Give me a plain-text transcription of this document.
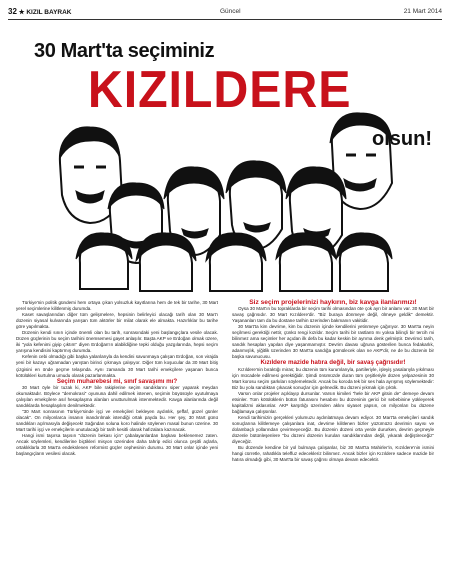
32 ★ KIZIL BAYRAK	Güncel	21 Mart 2014
30 Mart'ta seçiminiz
KIZILDERE
olsun!

Türkiye'nin politik gündemi hem ortaya çıkan yolsuzluk kayıtlarına hem de tek bir tarihe, 30 Mart yerel seçimlerine kilitlenmiş durumda.

Kaset savaşlarından diğer tüm gelişmelere, hepsinin belirleyici olacağı tarih olan 30 Mart'ı düzenin siyasal kulvarında yarışan tüm aktörler bir milat olarak ele almakta. Hazırlıklar bu tarihe göre yapılmakta.

Düzenin kendi sınırı içinde önemli olan bu tarih, sonrasındaki yeni başlangıçlara vesile olacak. Düzen güçlerinin bu seçim tarihini önemsemesi gayet anlaşılır. Başta AKP ve Erdoğan olmak üzere, iki "yola kefenimi giyip çıktım" diyen Erdoğan'ın alabildiğine tepki olduğu yazgılarında, hepsi seçim yarışına kendisini kaptırmış durumda.

Kefenin cebi olmadığı gibi başka yalanlarıyla da kendini savunmaya çalışan Erdoğan, son virajda yeni bir kazayı uğramadan yarıştan birinci çıkmaya çalışıyor. Diğer tüm koşucular da 30 Mart bitiş çizgisini en önde geçme telaşında. Aynı zamanda 30 Mart tarihi emekçilere yaşanan bunca kötülükleri kurtulma umudu olarak pazarlanmakta.

Seçim muharebesi mi, sınıf savaşımı mı?

30 Mart öyle bir tuzak ki, AKP bile rakiplerine seçim sandıklarını siper yaparak meydan okumaktadır. Böylece "demokrasi" oyununa dahil edilmek istenen, seçimin büyüsüyle uyutulmaya çalışılan emekçilere asıl hesaplaşma alanları unutturulmak istenmektedir. Kavga alanlarında değil sandıklarda hesaplaşılım denilmektedir.

"30 Mart sonrasının Türkiye'sinde işçi ve emekçileri bekleyen aydınlık, şeffaf, güzel günler olacak". On milyonlarca insanın inandırılmak istendiği ortak payda bu. Her şey, 30 Mart günü sandıkları açılmasıyla değişecek! Sağından soluna koro halinde söylenen masal bunun üzerine. 30 Mart tarihi işçi ve emekçilerin unutulacağı bir tarih kesitli olarak hafızalara kazınacak.

Hangi ismi taşırsa taşısın "düzenin bekası için" çabalayanlardan başkası beklenemez zaten. Ancak söylemleri, kendilerine biçtikleri misyon üzerinden daha tahrip edici olunca çeşitli açlarla, ortaklıklarla 30 Mart'a endekslenen reformist güçler cephesinin durumu. 30 Mart onlar içinde yeni başlangıçların vesilesi olacak.

Siz seçim projelerinizi haykırın, biz kavga ilanlarımızı!

Oysa 30 Mart'ın bu topraklarda bir seçim tarihi olmasından öte çok ayrı bir anlamı var. 30 Mart bir savaş çağrısıdır. 30 Mart Kızıldere'dir. "Biz buraya dönmeye değil, ölmeye geldik" demektir. Yaşananları tam da bu dostane tarihin üzerinden bakmanın vakitidir.

30 Mart'ta kim devrime, kim bu düzenin içinde kendilerini yetinmeye çağırıyor. 30 Mart'ta neyin seçilmesi gerektiği nettir, çünkü rengi kızıldır. Seçim tarihi bir rastlantı mı yoksa bilinçli bir tercih mi bilinmez ama seçimler her açıdan ilk defa bu kadar keskin bir ayrıma denk gelmiştir. Devrimci tarih, sandık hesapları yapılan diye yaşanmamıştır. Devrim davası uğruna gösterilen bunca fedakarlık, adanmışlık, yiğitlik üzerinden 30 Mart'ta sandığa gömülecek olan ne AKP'dir, ne de bu düzenin bir başka savunucusu.

Kızıldere mazide hatıra değil, bir savaş çağrısıdır!

Kızıldere'nin bıraktığı miras; bu düzenin tüm kurumlarıyla, partileriyle, işleyiş yasalarıyla yıkılması için mücadele edilmesi gerektiğidir. Şimdi önümüzde duran tüm çeşitleriyle düzen yelpazesinin 30 Mart korosu seçim şarkıları söylemektedir. Ancak bu koroda tek bir ses hala ayrışmış söylemektedir: Biz bu yola sandıktan çıkacak sonuçlar için gelmedik. Bu düzeni yıkmak için çıktık.

Varsın onlar projeler açıklayıp dursunlar. Varsın kimileri "hele bir AKP gitsin de" demeye devam etsinler. Tüm kötülüklerin bütün faturasını hesabını bu düzeninin gerici bir sebebinine yükleyerek kapitalizmi aklasınlar. AKP karşıtlığı üzerinden aklını siyaset yapsın, on milyonları bu düzene bağlamaya çalışsınlar.

Kendi tarihimizin gerçekleri yolumuzu aydınlatmaya devam ediyor. 30 Mart'ta emekçileri sandık sonuçlarına kilitlemeye çalışanlara inat, devrime kilitlenen bizler yüzümüzü devrimin sayısı ve dolambaçlı yollarından çevirmeyeceğiz. Bu düzenin düzeni orta yerde dururken, devrim geçmeyle düzenle bütünleşenlere "bu düzeni düzenin kurulan sandıklarından değil, yıkarak değiştireceğiz" diyeceğiz.

Bu düzende kendine bir yol bulmaya çalışanlar, biz 30 Mart'ta Mahirler'in, Kızıldere'nin ismini hangi cürretle, rahatlıkla teleffuz edecekleriz bilinmez. Ancak bizler için Kızıldere sadece mazide bir hatıra olmadığı gibi, 30 Mart'ta bir savaş çağrısı olmaya devam edecektir.
